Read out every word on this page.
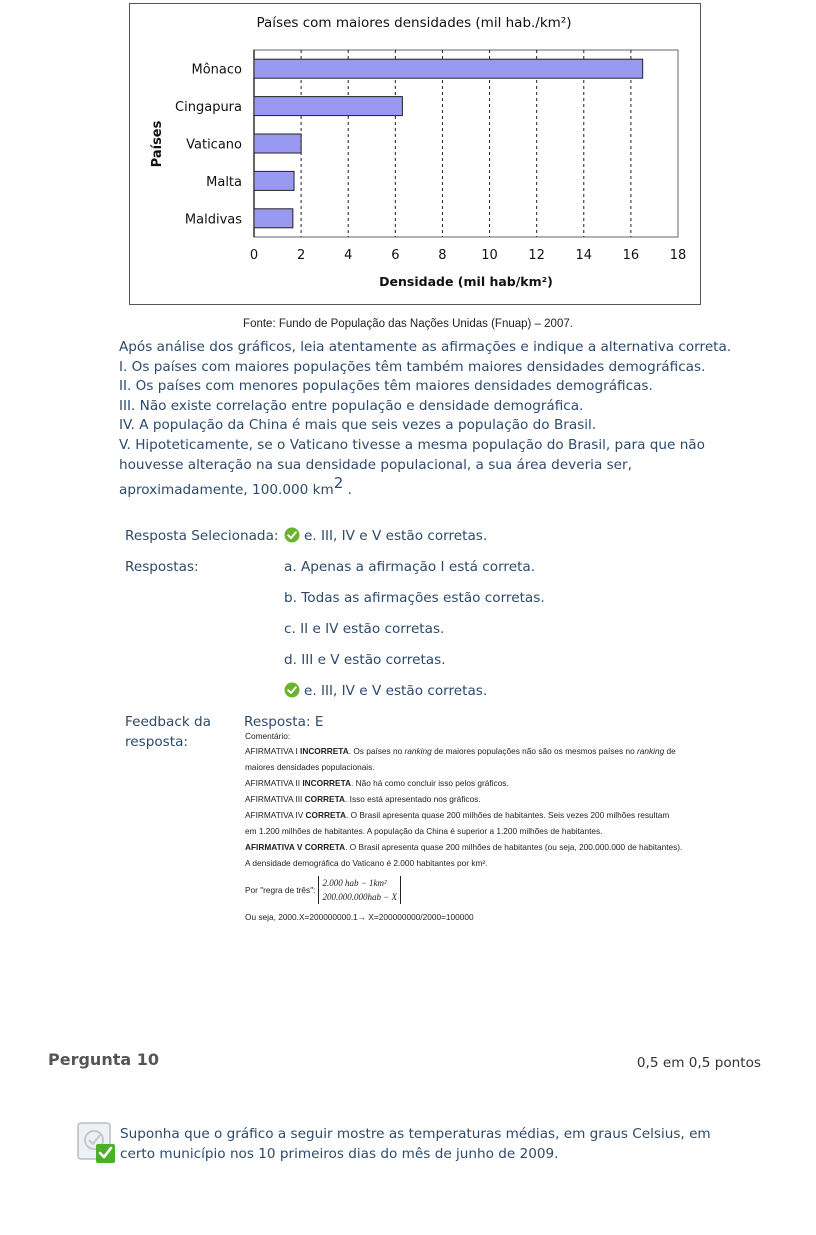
Países com maiores densidades (mil hab./km²)
Mônaco
Cingapura
Vaticano
Malta
Maldivas
0	2	4	6	8	10 12 14 16 18
Densidade (mil hab/km²)
Países
Fonte: Fundo de População das Nações Unidas (Fnuap) – 2007.

Após análise dos gráficos, leia atentamente as afirmações e indique a alternativa correta.

I. Os países com maiores populações têm também maiores densidades demográficas.

II. Os países com menores populações têm maiores densidades demográficas.

III. Não existe correlação entre população e densidade demográfica.

IV. A população da China é mais que seis vezes a população do Brasil.

V. Hipoteticamente, se o Vaticano tivesse a mesma população do Brasil, para que não

houvesse alteração na sua densidade populacional, a sua área deveria ser,

aproximadamente, 100.000 $km^2$ .

Resposta Selecionada:	e. III, IV e V estão corretas.
Respostas:	a. Apenas a afirmação I está correta.
b. Todas as afirmações estão corretas.
c. II e IV estão corretas.
d. III e V estão corretas.
e. III, IV e V estão corretas.
Feedback da
resposta:
Resposta: E
Comentário:
AFIRMATIVA I INCORRETA. Os países no ranking de maiores populações não são os mesmos países no ranking de
maiores densidades populacionais.
AFIRMATIVA II INCORRETA. Não há como concluir isso pelos gráficos.
AFIRMATIVA III CORRETA. Isso está apresentado nos gráficos.
AFIRMATIVA IV CORRETA. O Brasil apresenta quase 200 milhões de habitantes. Seis vezes 200 milhões resultam
em 1.200 milhões de habitantes. A população da China é superior a 1.200 milhões de habitantes.
AFIRMATIVA V CORRETA. O Brasil apresenta quase 200 milhões de habitantes (ou seja, 200.000.000 de habitantes).
A densidade demográfica do Vaticano é 2.000 habitantes por km².
Por "regra de três":
2.000 hab − 1km²
200.000.000hab − X
Ou seja, 2000.X=200000000.1→ X=200000000/2000=100000
Pergunta 10	0,5 em 0,5 pontos
Suponha que o gráfico a seguir mostre as temperaturas médias, em graus Celsius, em certo município nos 10 primeiros dias do mês de junho de 2009.
